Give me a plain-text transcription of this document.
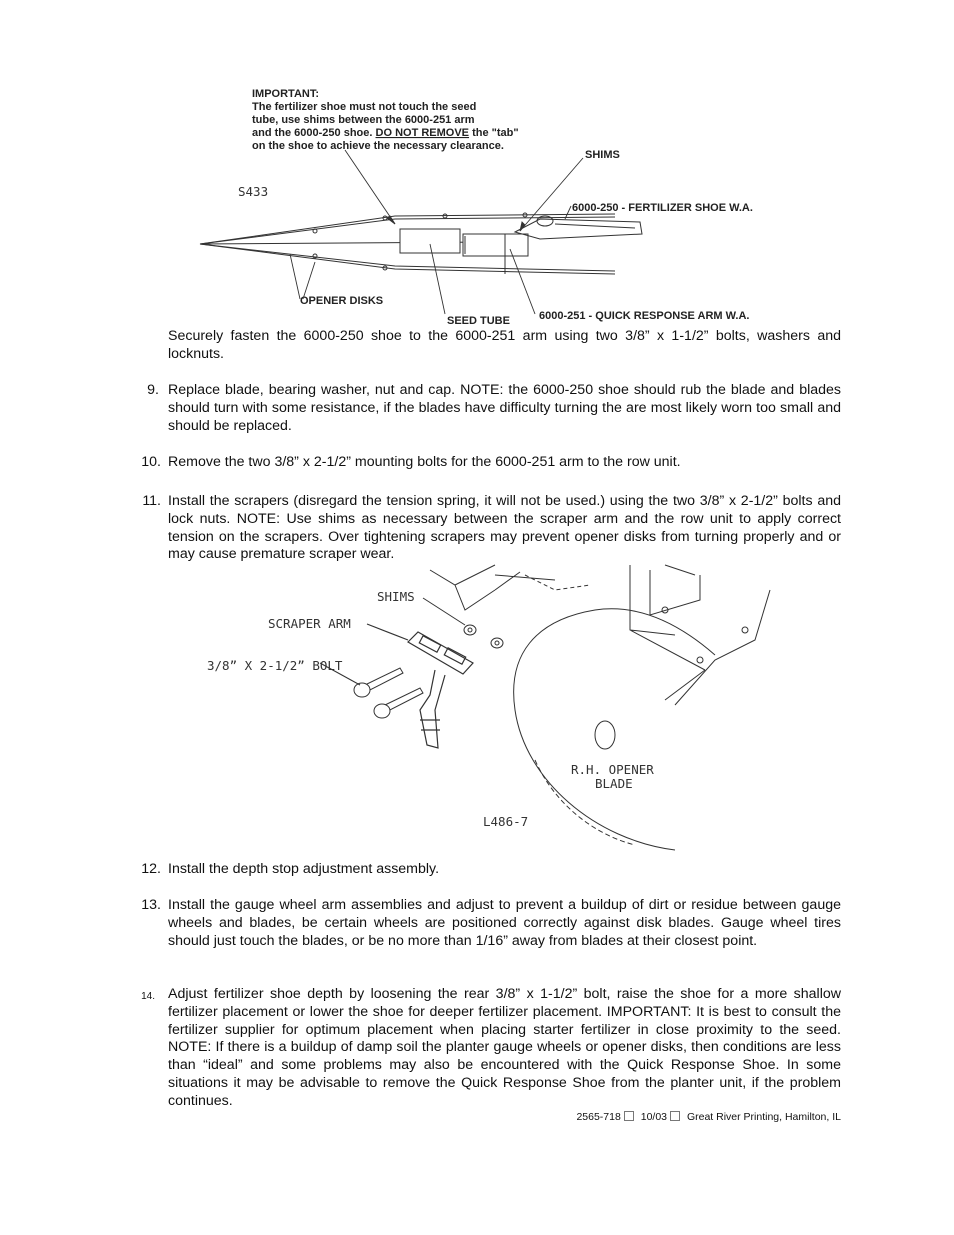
IMPORTANT:
The fertilizer shoe must not touch the seed
tube, use shims between the 6000-251 arm
and the 6000-250 shoe. DO NOT REMOVE the "tab"
on the shoe to achieve the necessary clearance.
S433
SHIMS
6000-250 - FERTILIZER SHOE W.A.
OPENER DISKS
SEED TUBE	6000-251 - QUICK RESPONSE ARM W.A.
Securely fasten the 6000-250 shoe to the 6000-251 arm using two 3/8” x 1-1/2” bolts, washers and locknuts.
9. Replace blade, bearing washer, nut and cap. NOTE: the 6000-250 shoe should rub the blade and blades should turn with some resistance, if the blades have difficulty turning the are most likely worn too small and should be replaced.
10. Remove the two 3/8” x 2-1/2” mounting bolts for the 6000-251 arm to the row unit.
11. Install the scrapers (disregard the tension spring, it will not be used.) using the two 3/8” x 2-1/2” bolts and lock nuts. NOTE: Use shims as necessary between the scraper arm and the row unit to apply correct tension on the scrapers. Over tightening scrapers may prevent opener disks from turning properly and or may cause premature scraper wear.
SHIMS
SCRAPER ARM
3/8” X 2-1/2” BOLT
R.H. OPENER
BLADE
L486-7
12. Install the depth stop adjustment assembly.
13. Install the gauge wheel arm assemblies and adjust to prevent a buildup of dirt or residue between gauge wheels and blades, be certain wheels are positioned correctly against disk blades. Gauge wheel tires should just touch the blades, or be no more than 1/16” away from blades at their closest point.
14. Adjust fertilizer shoe depth by loosening the rear 3/8” x 1-1/2” bolt, raise the shoe for a more shallow fertilizer placement or lower the shoe for deeper fertilizer placement. IMPORTANT: It is best to consult the fertilizer supplier for optimum placement when placing starter fertilizer in close proximity to the seed. NOTE: If there is a buildup of damp soil the planter gauge wheels or opener disks, then conditions are less than “ideal” and some problems may also be encountered with the Quick Response Shoe. In some situations it may be advisable to remove the Quick Response Shoe from the planter unit, if the problem continues.
2565-718 10/03 Great River Printing, Hamilton, IL
